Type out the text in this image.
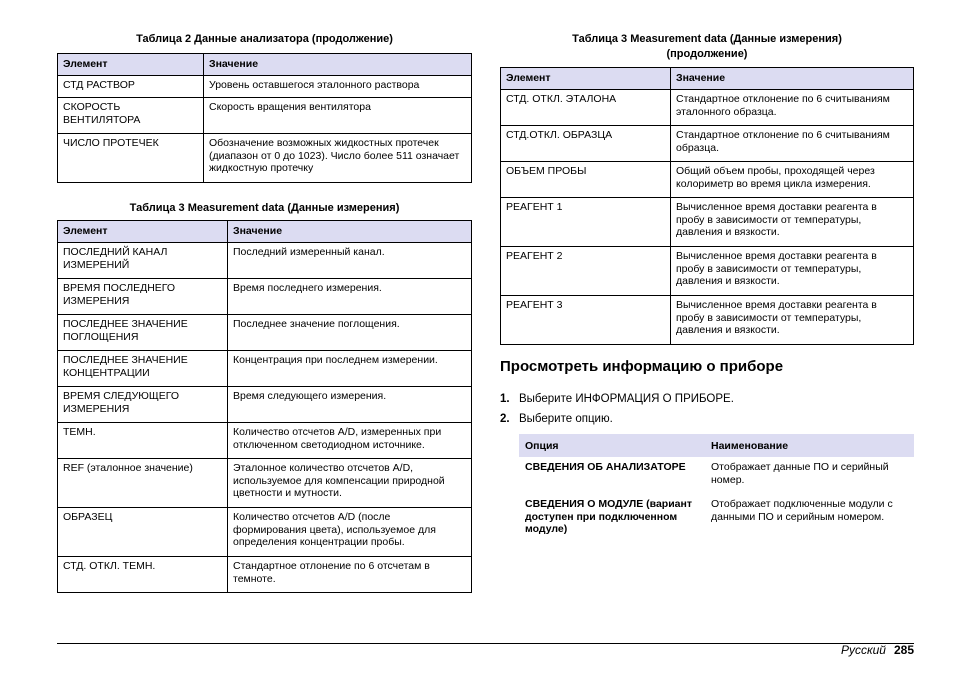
Таблица 2 Данные анализатора (продолжение)
Элемент	Значение
СТД РАСТВОР	Уровень оставшегося эталонного раствора
СКОРОСТЬ ВЕНТИЛЯТОРА	Скорость вращения вентилятора
ЧИСЛО ПРОТЕЧЕК	Обозначение возможных жидкостных протечек (диапазон от 0 до 1023). Число более 511 означает жидкостную протечку
Таблица 3 Measurement data (Данные измерения)
Элемент	Значение
ПОСЛЕДНИЙ КАНАЛ ИЗМЕРЕНИЙ	Последний измеренный канал.
ВРЕМЯ ПОСЛЕДНЕГО ИЗМЕРЕНИЯ	Время последнего измерения.
ПОСЛЕДНЕЕ ЗНАЧЕНИЕ ПОГЛОЩЕНИЯ	Последнее значение поглощения.
ПОСЛЕДНЕЕ ЗНАЧЕНИЕ КОНЦЕНТРАЦИИ	Концентрация при последнем измерении.
ВРЕМЯ СЛЕДУЮЩЕГО ИЗМЕРЕНИЯ	Время следующего измерения.
ТЕМН.	Количество отсчетов A/D, измеренных при отключенном светодиодном источнике.
REF (эталонное значение)	Эталонное количество отсчетов A/D, используемое для компенсации природной цветности и мутности.
ОБРАЗЕЦ	Количество отсчетов A/D (после формирования цвета), используемое для определения концентрации пробы.
СТД. ОТКЛ. ТЕМН.	Стандартное отлонение по 6 отсчетам в темноте.
Таблица 3 Measurement data (Данные измерения) (продолжение)
Элемент	Значение
СТД. ОТКЛ. ЭТАЛОНА	Стандартное отклонение по 6 считываниям эталонного образца.
СТД.ОТКЛ. ОБРАЗЦА	Стандартное отклонение по 6 считываниям образца.
ОБЪЕМ ПРОБЫ	Общий объем пробы, проходящей через колориметр во время цикла измерения.
РЕАГЕНТ 1	Вычисленное время доставки реагента в пробу в зависимости от температуры, давления и вязкости.
РЕАГЕНТ 2	Вычисленное время доставки реагента в пробу в зависимости от температуры, давления и вязкости.
РЕАГЕНТ 3	Вычисленное время доставки реагента в пробу в зависимости от температуры, давления и вязкости.
Просмотреть информацию о приборе
1. Выберите ИНФОРМАЦИЯ О ПРИБОРЕ.
2. Выберите опцию.
Опция	Наименование
СВЕДЕНИЯ ОБ АНАЛИЗАТОРЕ	Отображает данные ПО и серийный номер.
СВЕДЕНИЯ О МОДУЛЕ (вариант доступен при подключенном модуле)	Отображает подключенные модули с данными ПО и серийным номером.
Русский 285
